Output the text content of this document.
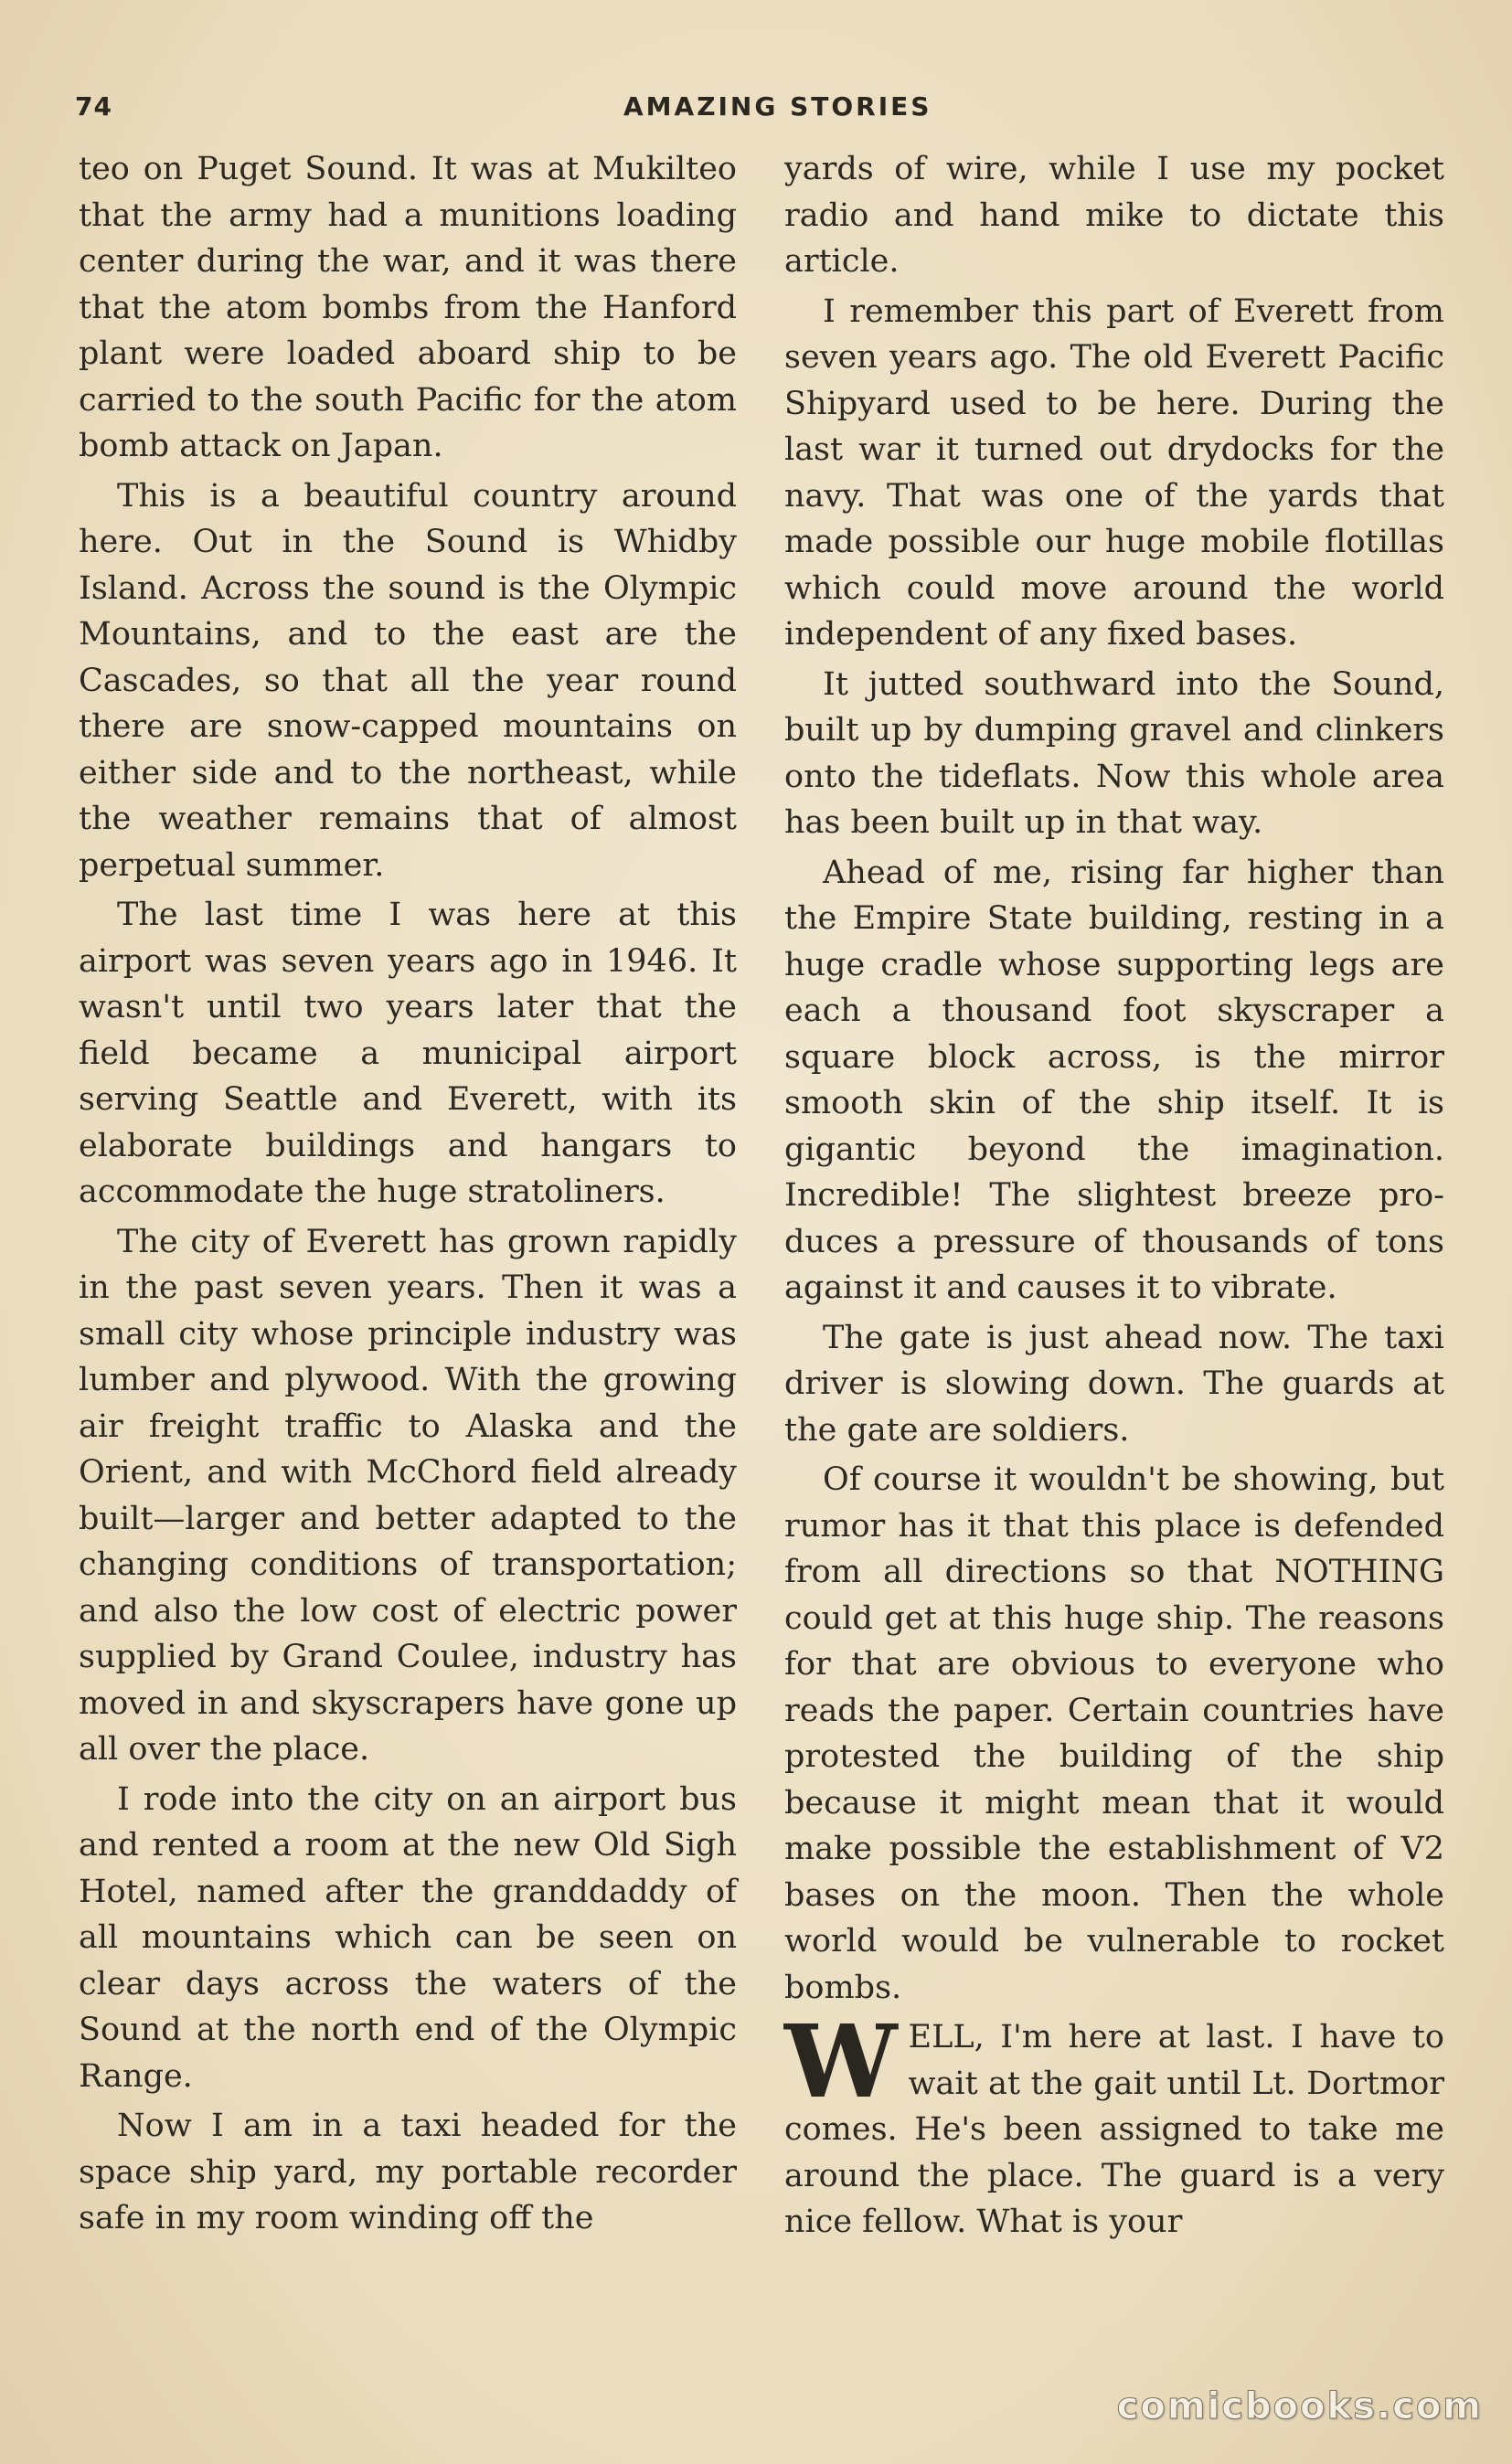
74	AMAZING STORIES

teo on Puget Sound. It was at Mukilteo that the army had a munitions loading center during the war, and it was there that the atom bombs from the Hanford plant were loaded aboard ship to be carried to the south Pacific for the atom bomb attack on Japan.

This is a beautiful country around here. Out in the Sound is Whidby Island. Across the sound is the Olympic Mountains, and to the east are the Cascades, so that all the year round there are snow-capped mountains on either side and to the northeast, while the weather remains that of almost perpetual summer.

The last time I was here at this airport was seven years ago in 1946. It wasn't until two years later that the field became a municipal airport serving Seattle and Everett, with its elaborate buildings and hangars to accommodate the huge stratoliners.

The city of Everett has grown rapidly in the past seven years. Then it was a small city whose principle industry was lumber and plywood. With the growing air freight traffic to Alaska and the Orient, and with McChord field already built—larger and better adapted to the changing conditions of transportation; and also the low cost of electric power supplied by Grand Coulee, industry has moved in and skyscrapers have gone up all over the place.

I rode into the city on an airport bus and rented a room at the new Old Sigh Hotel, named after the granddaddy of all mountains which can be seen on clear days across the waters of the Sound at the north end of the Olympic Range.

Now I am in a taxi headed for the space ship yard, my portable recorder safe in my room winding off the

yards of wire, while I use my pocket radio and hand mike to dictate this article.

I remember this part of Everett from seven years ago. The old Everett Pacific Shipyard used to be here. During the last war it turned out drydocks for the navy. That was one of the yards that made possible our huge mobile flotillas which could move around the world independent of any fixed bases.

It jutted southward into the Sound, built up by dumping gravel and clinkers onto the tideflats. Now this whole area has been built up in that way.

Ahead of me, rising far higher than the Empire State building, resting in a huge cradle whose supporting legs are each a thousand foot skyscraper a square block across, is the mirror smooth skin of the ship itself. It is gigantic beyond the imagination. Incredible! The slightest breeze produces a pressure of thousands of tons against it and causes it to vibrate.

The gate is just ahead now. The taxi driver is slowing down. The guards at the gate are soldiers.

Of course it wouldn't be showing, but rumor has it that this place is defended from all directions so that NOTHING could get at this huge ship. The reasons for that are obvious to everyone who reads the paper. Certain countries have protested the building of the ship because it might mean that it would make possible the establishment of V2 bases on the moon. Then the whole world would be vulnerable to rocket bombs.

WELL, I'm here at last. I have to wait at the gait until Lt. Dortmor comes. He's been assigned to take me around the place. The guard is a very nice fellow. What is your

comicbooks.com
